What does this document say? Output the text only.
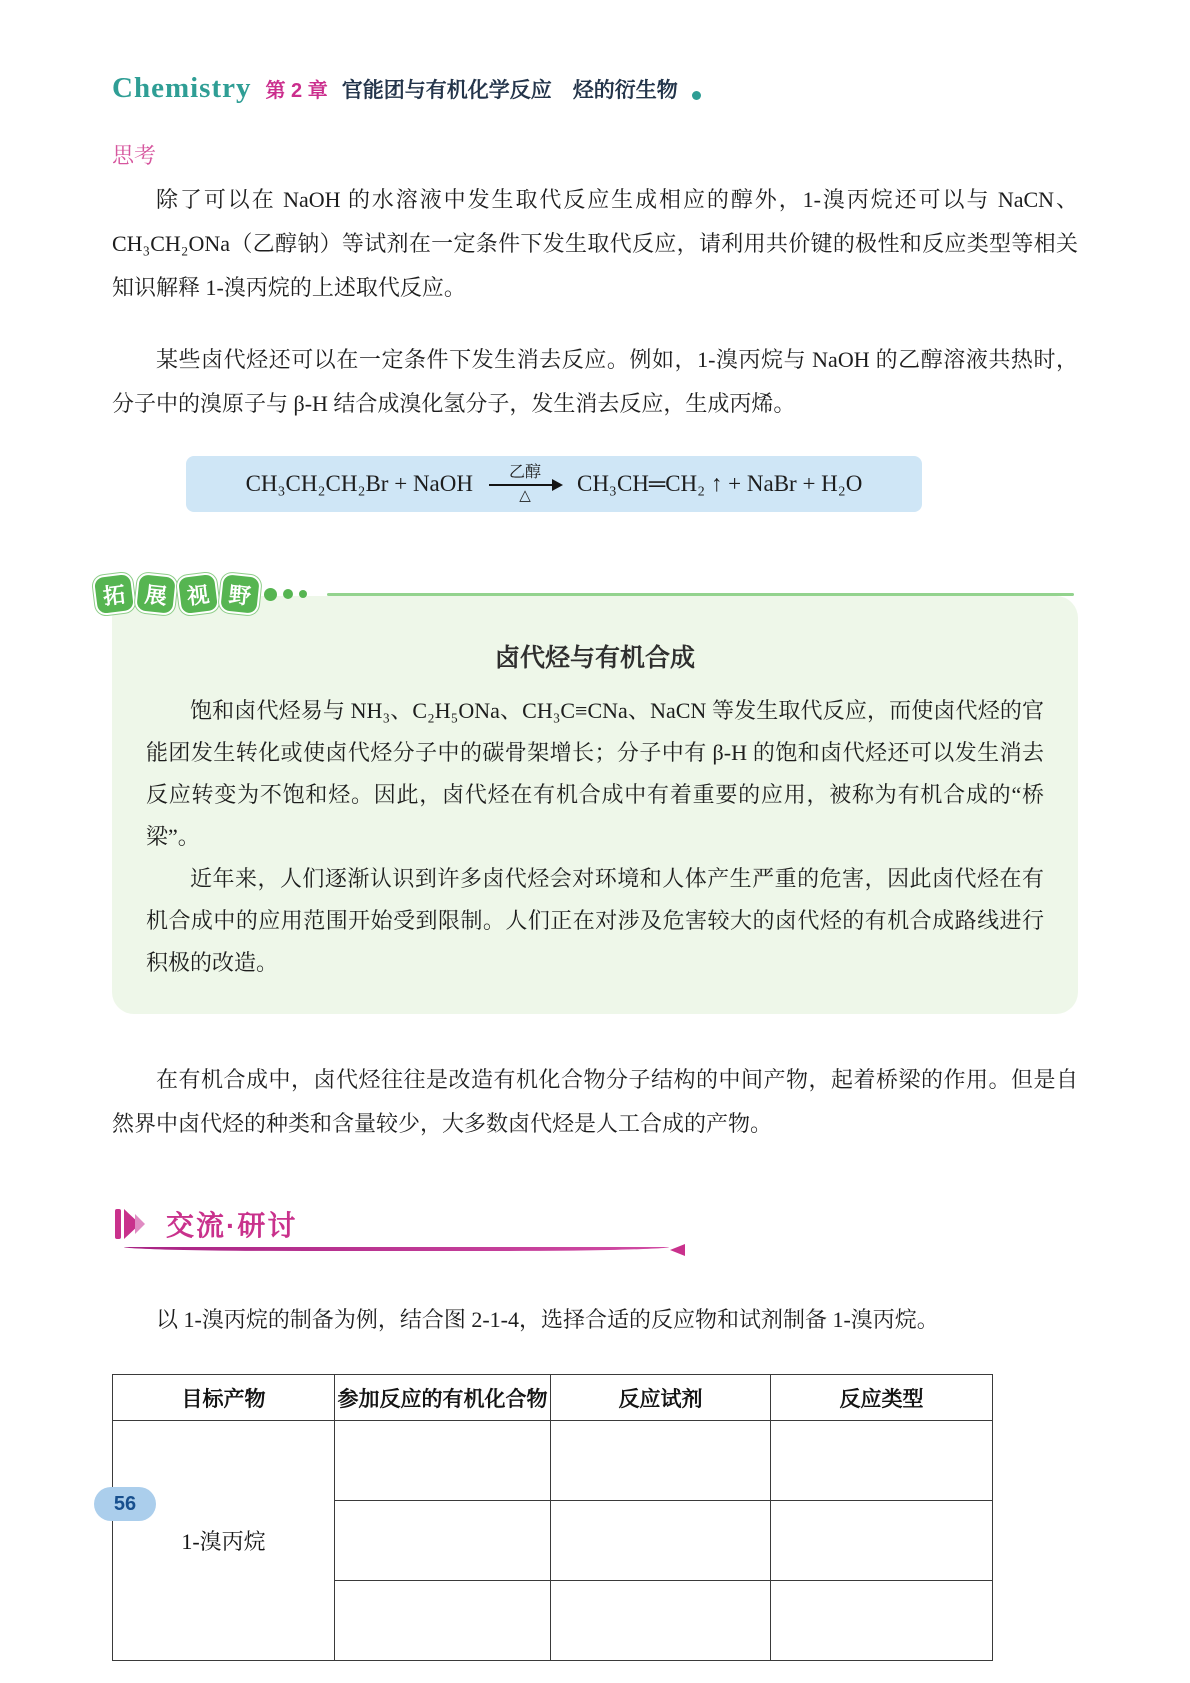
Chemistry 第 2 章 官能团与有机化学反应　烃的衍生物
思考

除了可以在 NaOH 的水溶液中发生取代反应生成相应的醇外，1-溴丙烷还可以与 NaCN、CH₃CH₂ONa（乙醇钠）等试剂在一定条件下发生取代反应，请利用共价键的极性和反应类型等相关知识解释 1-溴丙烷的上述取代反应。

某些卤代烃还可以在一定条件下发生消去反应。例如，1-溴丙烷与 NaOH 的乙醇溶液共热时，分子中的溴原子与 β-H 结合成溴化氢分子，发生消去反应，生成丙烯。

CH₃CH₂CH₂Br + NaOH 乙醇
△ CH₃CH═CH₂ ↑ + NaBr + H₂O
拓 展 视 野
卤代烃与有机合成

饱和卤代烃易与 NH₃、C₂H₅ONa、CH₃C≡CNa、NaCN 等发生取代反应，而使卤代烃的官能团发生转化或使卤代烃分子中的碳骨架增长；分子中有 β-H 的饱和卤代烃还可以发生消去反应转变为不饱和烃。因此，卤代烃在有机合成中有着重要的应用，被称为有机合成的“桥梁”。

近年来，人们逐渐认识到许多卤代烃会对环境和人体产生严重的危害，因此卤代烃在有机合成中的应用范围开始受到限制。人们正在对涉及危害较大的卤代烃的有机合成路线进行积极的改造。

在有机合成中，卤代烃往往是改造有机化合物分子结构的中间产物，起着桥梁的作用。但是自然界中卤代烃的种类和含量较少，大多数卤代烃是人工合成的产物。

交流·研讨

以 1-溴丙烷的制备为例，结合图 2-1-4，选择合适的反应物和试剂制备 1-溴丙烷。

目标产物	参加反应的有机化合物	反应试剂	反应类型
1-溴丙烷			

56
